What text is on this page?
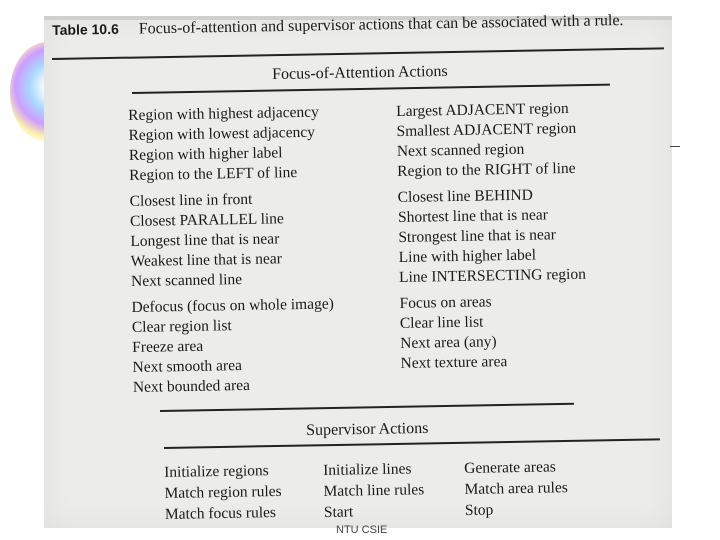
Table 10.6 Focus-of-attention and supervisor actions that can be associated with a rule.
Focus-of-Attention Actions
Region with highest adjacency
Region with lowest adjacency
Region with higher label
Region to the LEFT of line
Closest line in front
Closest PARALLEL line
Longest line that is near
Weakest line that is near
Next scanned line
Defocus (focus on whole image)
Clear region list
Freeze area
Next smooth area
Next bounded area
Largest ADJACENT region
Smallest ADJACENT region
Next scanned region
Region to the RIGHT of line
Closest line BEHIND
Shortest line that is near
Strongest line that is near
Line with higher label
Line INTERSECTING region
Focus on areas
Clear line list
Next area (any)
Next texture area
Supervisor Actions
Initialize regions
Match region rules
Match focus rules
Initialize lines
Match line rules
Start
Generate areas
Match area rules
Stop
NTU CSIE
